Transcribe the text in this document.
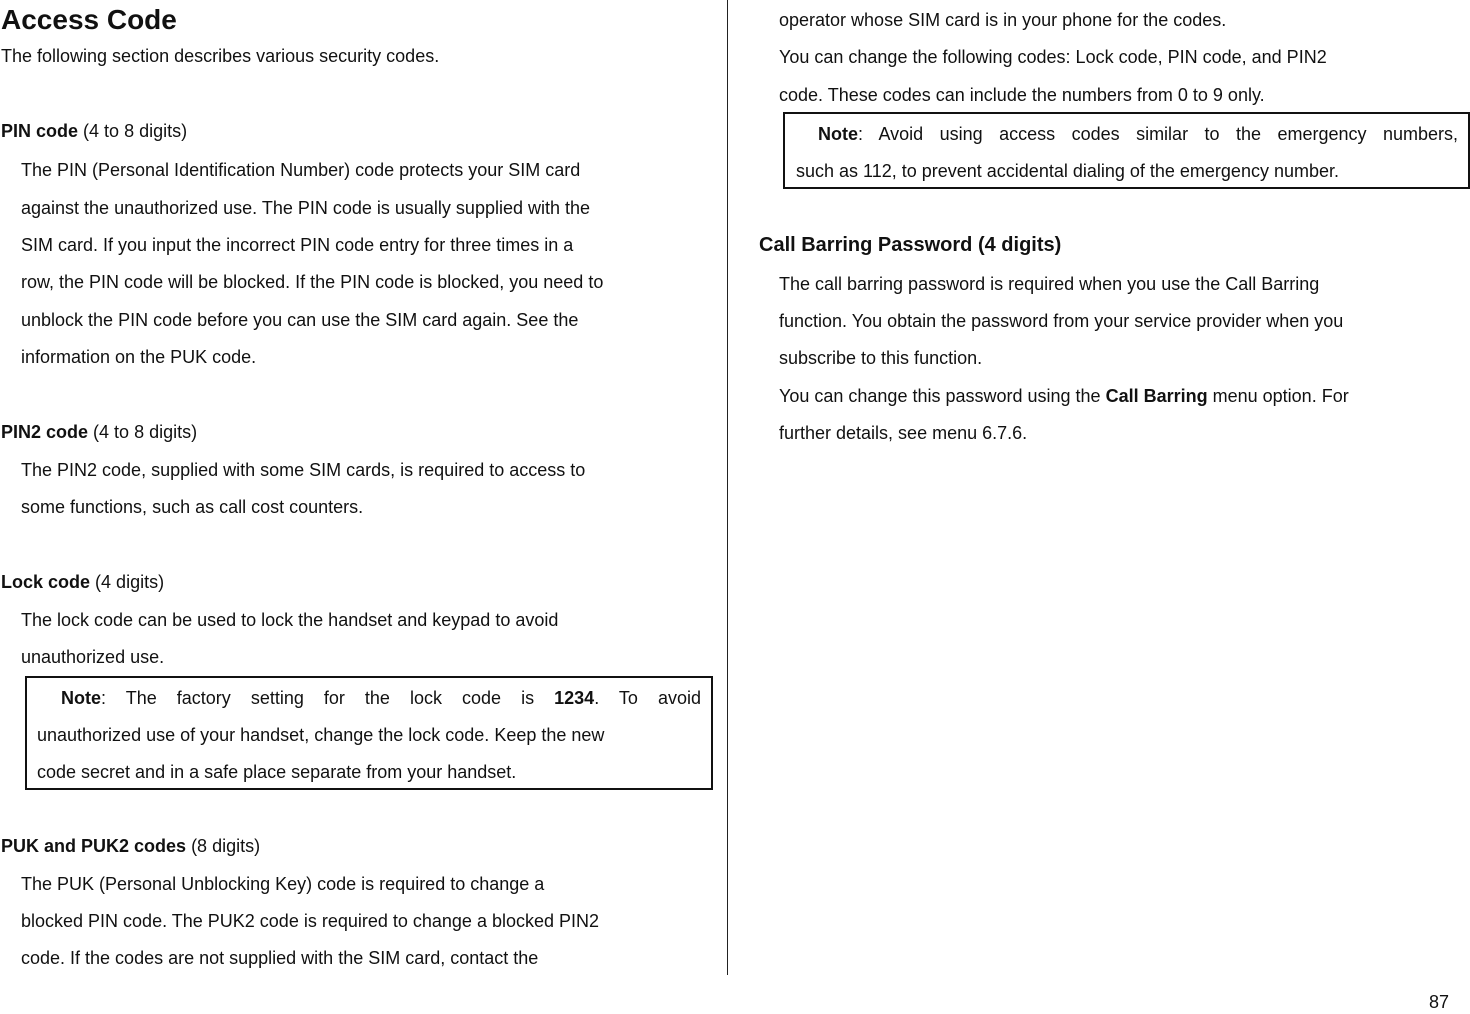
Access Code
The following section describes various security codes.
PIN code (4 to 8 digits)
The PIN (Personal Identification Number) code protects your SIM card
against the unauthorized use. The PIN code is usually supplied with the
SIM card. If you input the incorrect PIN code entry for three times in a
row, the PIN code will be blocked. If the PIN code is blocked, you need to
unblock the PIN code before you can use the SIM card again. See the
information on the PUK code.
PIN2 code (4 to 8 digits)
The PIN2 code, supplied with some SIM cards, is required to access to
some functions, such as call cost counters.
Lock code (4 digits)
The lock code can be used to lock the handset and keypad to avoid
unauthorized use.
Note: The factory setting for the lock code is 1234. To avoid
unauthorized use of your handset, change the lock code. Keep the new
code secret and in a safe place separate from your handset.
PUK and PUK2 codes (8 digits)
The PUK (Personal Unblocking Key) code is required to change a
blocked PIN code. The PUK2 code is required to change a blocked PIN2
code. If the codes are not supplied with the SIM card, contact the
operator whose SIM card is in your phone for the codes.
You can change the following codes: Lock code, PIN code, and PIN2
code. These codes can include the numbers from 0 to 9 only.
Note: Avoid using access codes similar to the emergency numbers,
such as 112, to prevent accidental dialing of the emergency number.
Call Barring Password (4 digits)
The call barring password is required when you use the Call Barring
function. You obtain the password from your service provider when you
subscribe to this function.
You can change this password using the Call Barring menu option. For
further details, see menu 6.7.6.
87
